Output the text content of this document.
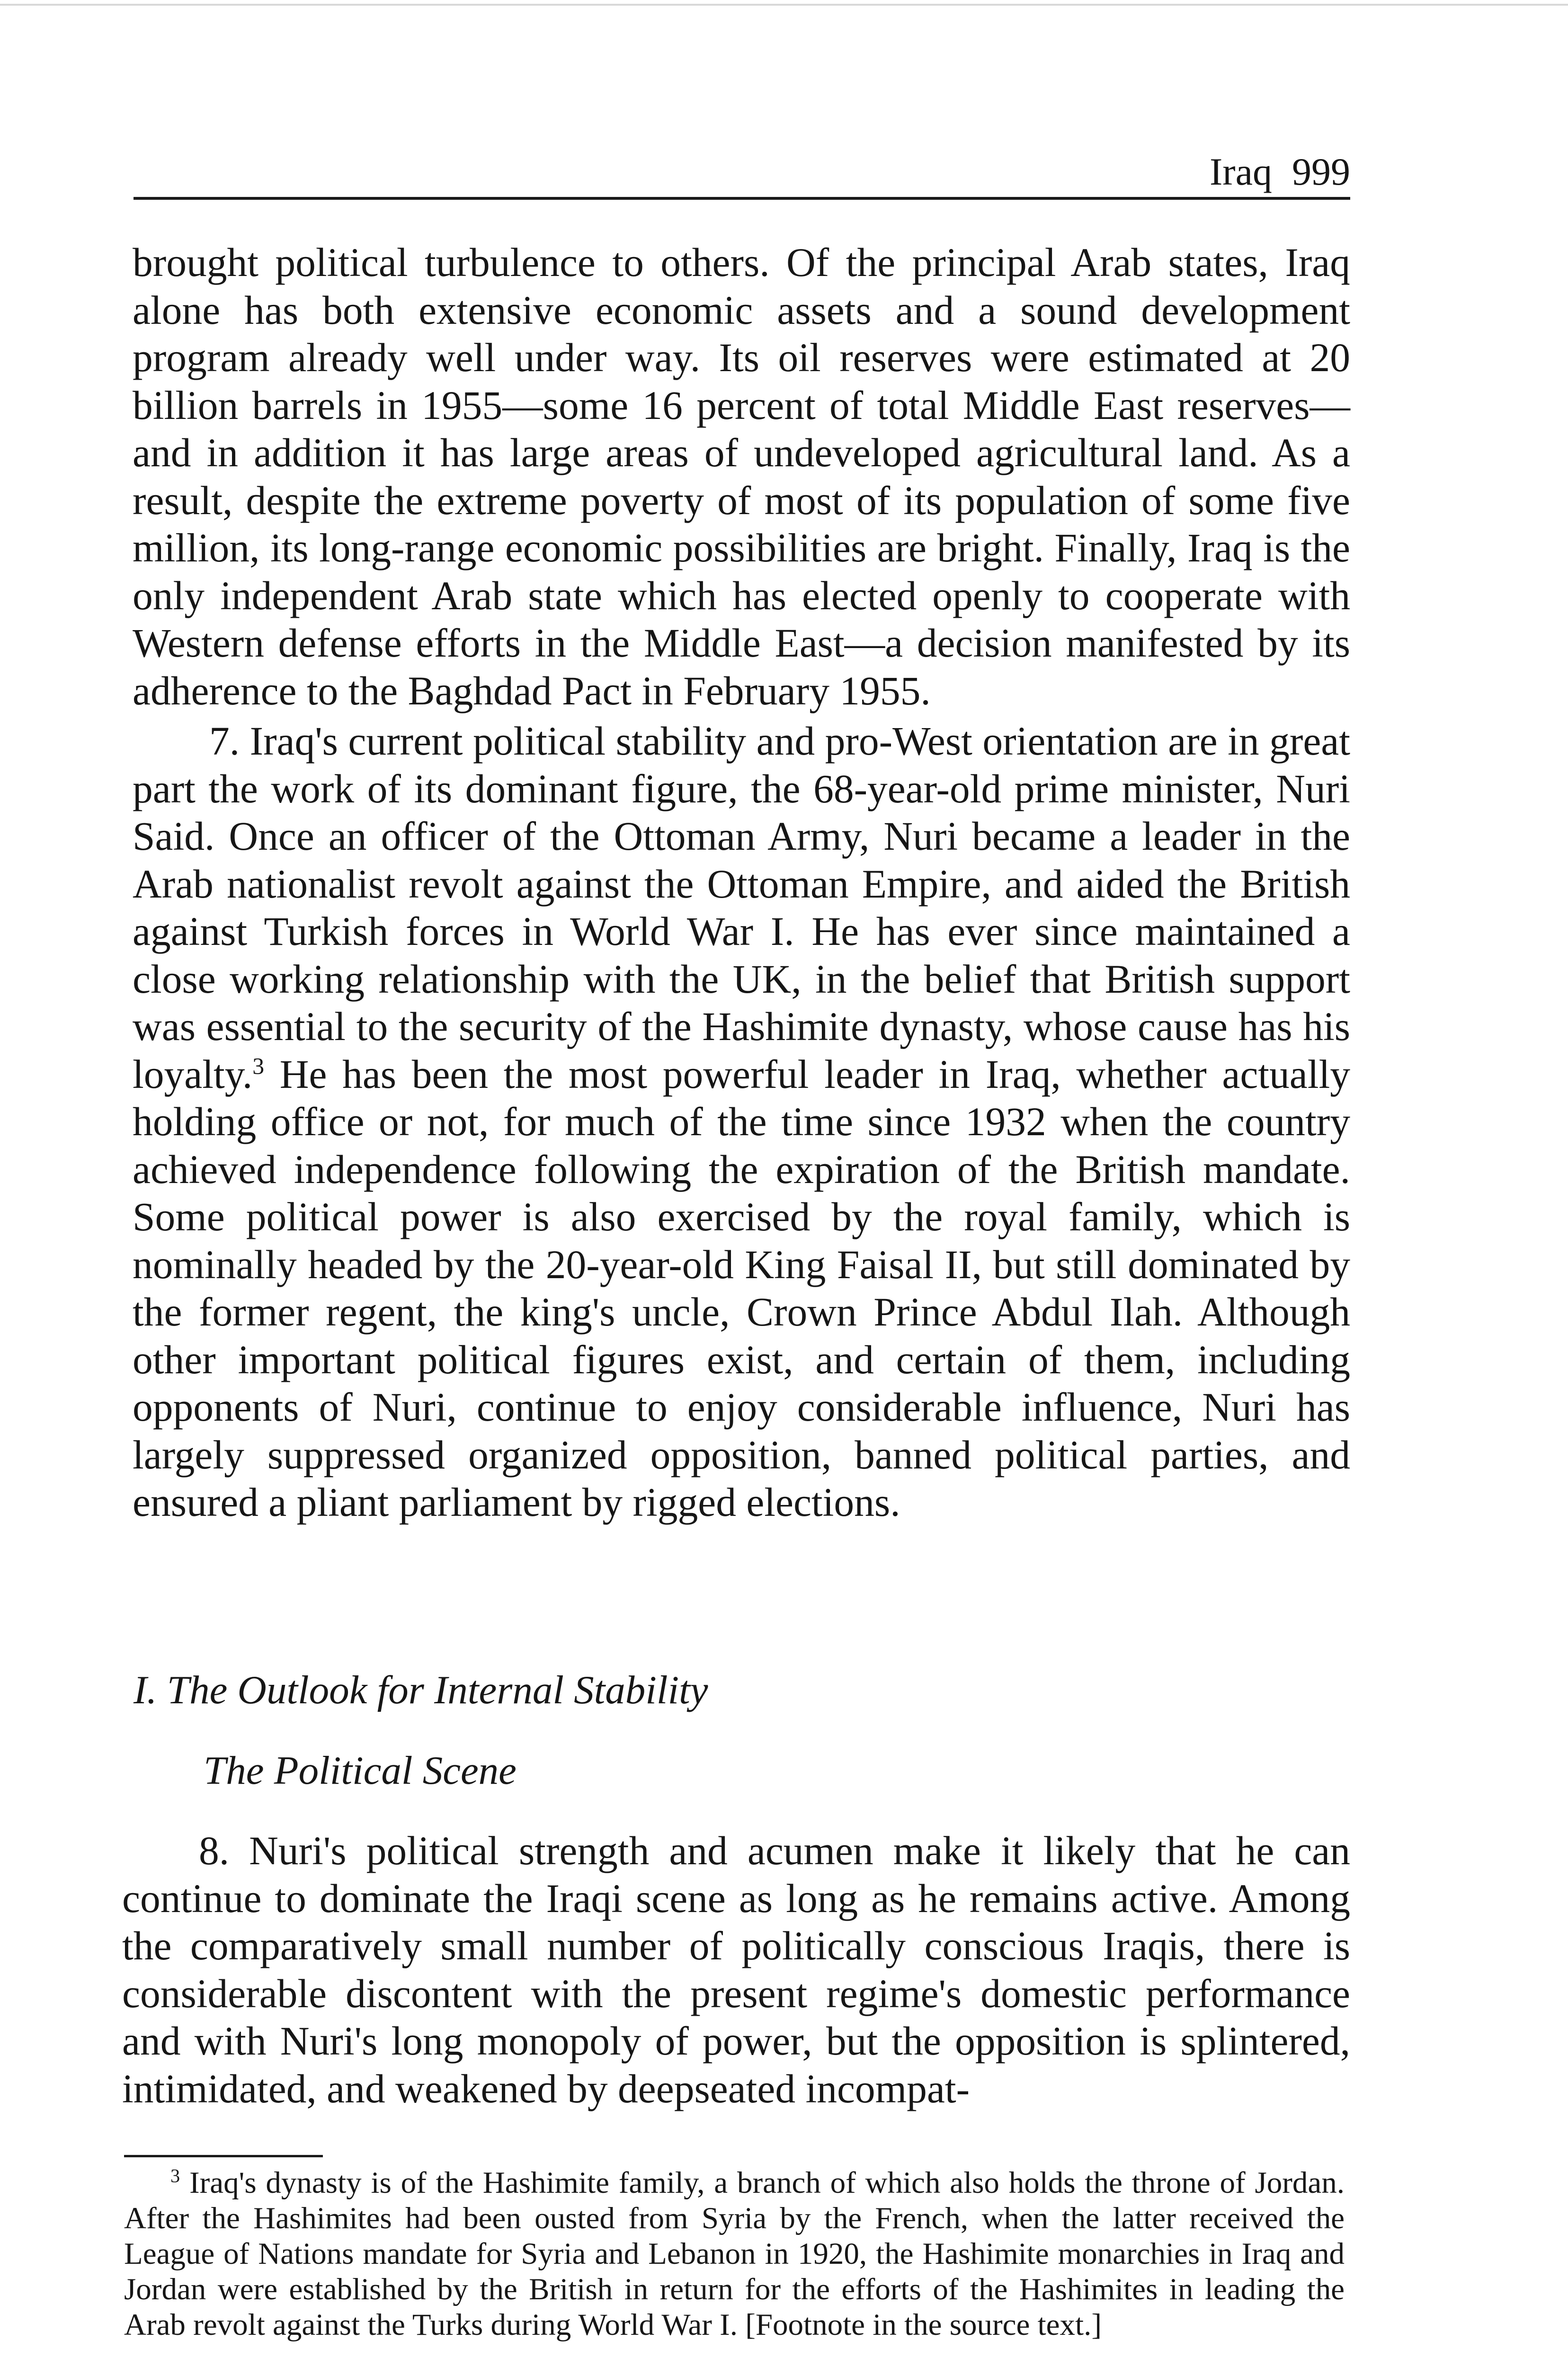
Iraq 999

brought political turbulence to others. Of the principal Arab states, Iraq alone has both extensive economic assets and a sound development program already well under way. Its oil reserves were estimated at 20 billion barrels in 1955—some 16 percent of total Middle East reserves—and in addition it has large areas of undeveloped agricultural land. As a result, despite the extreme poverty of most of its population of some five million, its long-range economic possibilities are bright. Finally, Iraq is the only independent Arab state which has elected openly to cooperate with Western defense efforts in the Middle East—a decision manifested by its adherence to the Baghdad Pact in February 1955.

7. Iraq's current political stability and pro-West orientation are in great part the work of its dominant figure, the 68-year-old prime minister, Nuri Said. Once an officer of the Ottoman Army, Nuri became a leader in the Arab nationalist revolt against the Ottoman Empire, and aided the British against Turkish forces in World War I. He has ever since maintained a close working relationship with the UK, in the belief that British support was essential to the security of the Hashimite dynasty, whose cause has his loyalty.$^3$ He has been the most powerful leader in Iraq, whether actually holding office or not, for much of the time since 1932 when the country achieved independence following the expiration of the British mandate. Some political power is also exercised by the royal family, which is nominally headed by the 20-year-old King Faisal II, but still dominated by the former regent, the king's uncle, Crown Prince Abdul Ilah. Although other important political figures exist, and certain of them, including opponents of Nuri, continue to enjoy considerable influence, Nuri has largely suppressed organized opposition, banned political parties, and ensured a pliant parliament by rigged elections.

I. The Outlook for Internal Stability
The Political Scene

8. Nuri's political strength and acumen make it likely that he can continue to dominate the Iraqi scene as long as he remains active. Among the comparatively small number of politically conscious Iraqis, there is considerable discontent with the present regime's domestic performance and with Nuri's long monopoly of power, but the opposition is splintered, intimidated, and weakened by deepseated incompat-

$^3$ Iraq's dynasty is of the Hashimite family, a branch of which also holds the throne of Jordan. After the Hashimites had been ousted from Syria by the French, when the latter received the League of Nations mandate for Syria and Lebanon in 1920, the Hashimite monarchies in Iraq and Jordan were established by the British in return for the efforts of the Hashimites in leading the Arab revolt against the Turks during World War I. [Footnote in the source text.]
